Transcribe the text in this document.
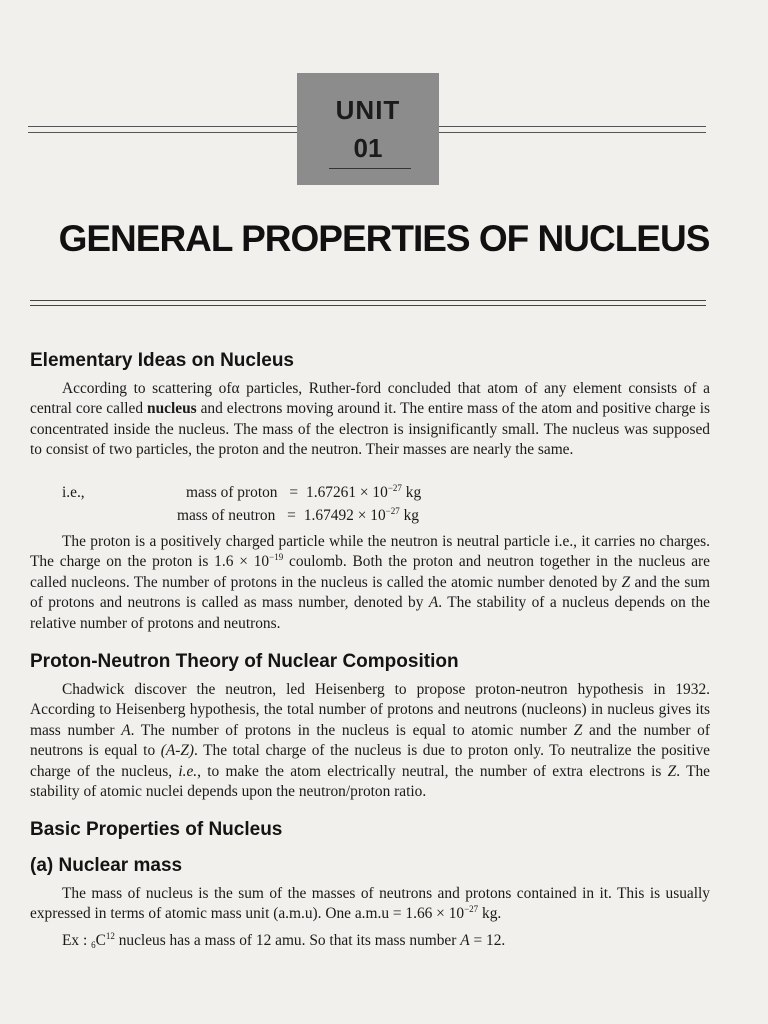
UNIT
01
GENERAL PROPERTIES OF NUCLEUS
Elementary Ideas on Nucleus

According to scattering ofα particles, Ruther-ford concluded that atom of any element consists of a central core called nucleus and electrons moving around it. The entire mass of the atom and positive charge is concentrated inside the nucleus. The mass of the electron is insignificantly small. The nucleus was supposed to consist of two particles, the proton and the neutron. Their masses are nearly the same.

i.e.,	mass of proton = $1.67261 \times 10^{-27}$ kg
mass of neutron = $1.67492 \times 10^{-27}$ kg

The proton is a positively charged particle while the neutron is neutral particle i.e., it carries no charges. The charge on the proton is $1.6 \times 10^{-19}$ coulomb. Both the proton and neutron together in the nucleus are called nucleons. The number of protons in the nucleus is called the atomic number denoted by Z and the sum of protons and neutrons is called as mass number, denoted by A. The stability of a nucleus depends on the relative number of protons and neutrons.

Proton-Neutron Theory of Nuclear Composition

Chadwick discover the neutron, led Heisenberg to propose proton-neutron hypothesis in 1932. According to Heisenberg hypothesis, the total number of protons and neutrons (nucleons) in nucleus gives its mass number A. The number of protons in the nucleus is equal to atomic number Z and the number of neutrons is equal to (A-Z). The total charge of the nucleus is due to proton only. To neutralize the positive charge of the nucleus, i.e., to make the atom electrically neutral, the number of extra electrons is Z. The stability of atomic nuclei depends upon the neutron/proton ratio.

Basic Properties of Nucleus
(a) Nuclear mass

The mass of nucleus is the sum of the masses of neutrons and protons contained in it. This is usually expressed in terms of atomic mass unit (a.m.u). One $a.m.u = 1.66 \times 10^{-27}$ kg.

Ex : $_6C^{12}$ nucleus has a mass of 12 amu. So that its mass number A = 12.
